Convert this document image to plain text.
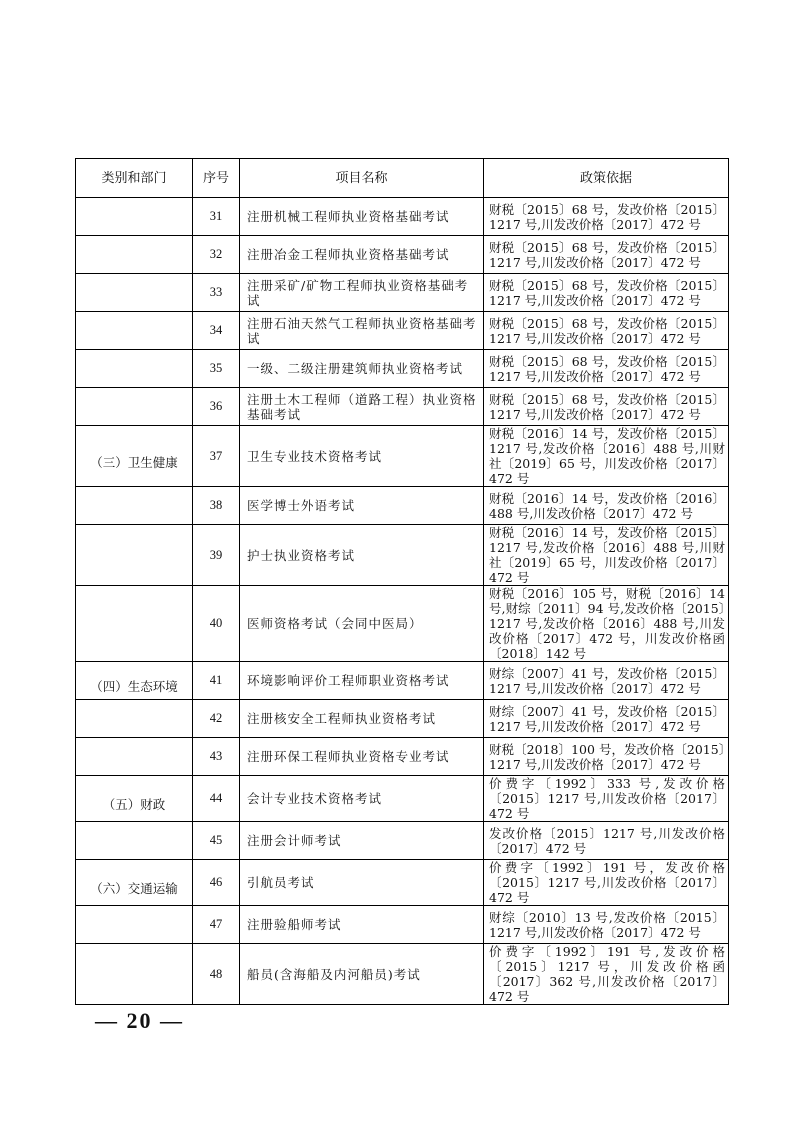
类别和部门	序号	项目名称	政策依据

	31	注册机械工程师执业资格基础考试	财税〔2015〕68 号，发改价格〔2015〕1217 号,川发改价格〔2017〕472 号

	32	注册冶金工程师执业资格基础考试	财税〔2015〕68 号，发改价格〔2015〕1217 号,川发改价格〔2017〕472 号

	33	注册采矿/矿物工程师执业资格基础考试	财税〔2015〕68 号，发改价格〔2015〕1217 号,川发改价格〔2017〕472 号

	34	注册石油天然气工程师执业资格基础考试	财税〔2015〕68 号，发改价格〔2015〕1217 号,川发改价格〔2017〕472 号

	35	一级、二级注册建筑师执业资格考试	财税〔2015〕68 号，发改价格〔2015〕1217 号,川发改价格〔2017〕472 号

	36	注册土木工程师（道路工程）执业资格基础考试	财税〔2015〕68 号，发改价格〔2015〕1217 号,川发改价格〔2017〕472 号

（三）卫生健康	37	卫生专业技术资格考试	财税〔2016〕14 号，发改价格〔2015〕1217 号,发改价格〔2016〕488 号,川财社〔2019〕65 号，川发改价格〔2017〕472 号

	38	医学博士外语考试	财税〔2016〕14 号，发改价格〔2016〕488 号,川发改价格〔2017〕472 号

	39	护士执业资格考试	财税〔2016〕14 号，发改价格〔2015〕1217 号,发改价格〔2016〕488 号,川财社〔2019〕65 号，川发改价格〔2017〕472 号

	40	医师资格考试（会同中医局）	财税〔2016〕105 号，财税〔2016〕14 号,财综〔2011〕94 号,发改价格〔2015〕1217 号,发改价格〔2016〕488 号,川发改价格〔2017〕472 号，川发改价格函〔2018〕142 号

（四）生态环境	41	环境影响评价工程师职业资格考试	财综〔2007〕41 号，发改价格〔2015〕1217 号,川发改价格〔2017〕472 号

	42	注册核安全工程师执业资格考试	财综〔2007〕41 号，发改价格〔2015〕1217 号,川发改价格〔2017〕472 号

	43	注册环保工程师执业资格专业考试	财税〔2018〕100 号，发改价格〔2015〕1217 号,川发改价格〔2017〕472 号

（五）财政	44	会计专业技术资格考试	价费字〔1992〕333 号,发改价格〔2015〕1217 号,川发改价格〔2017〕472 号

	45	注册会计师考试	发改价格〔2015〕1217 号,川发改价格〔2017〕472 号

（六）交通运输	46	引航员考试	价费字〔1992〕191 号，发改价格〔2015〕1217 号,川发改价格〔2017〕472 号

	47	注册验船师考试	财综〔2010〕13 号,发改价格〔2015〕1217 号,川发改价格〔2017〕472 号

	48	船员(含海船及内河船员)考试	价费字〔1992〕191 号,发改价格〔2015〕1217 号，川发改价格函〔2017〕362 号,川发改价格〔2017〕472 号
— 20 —
